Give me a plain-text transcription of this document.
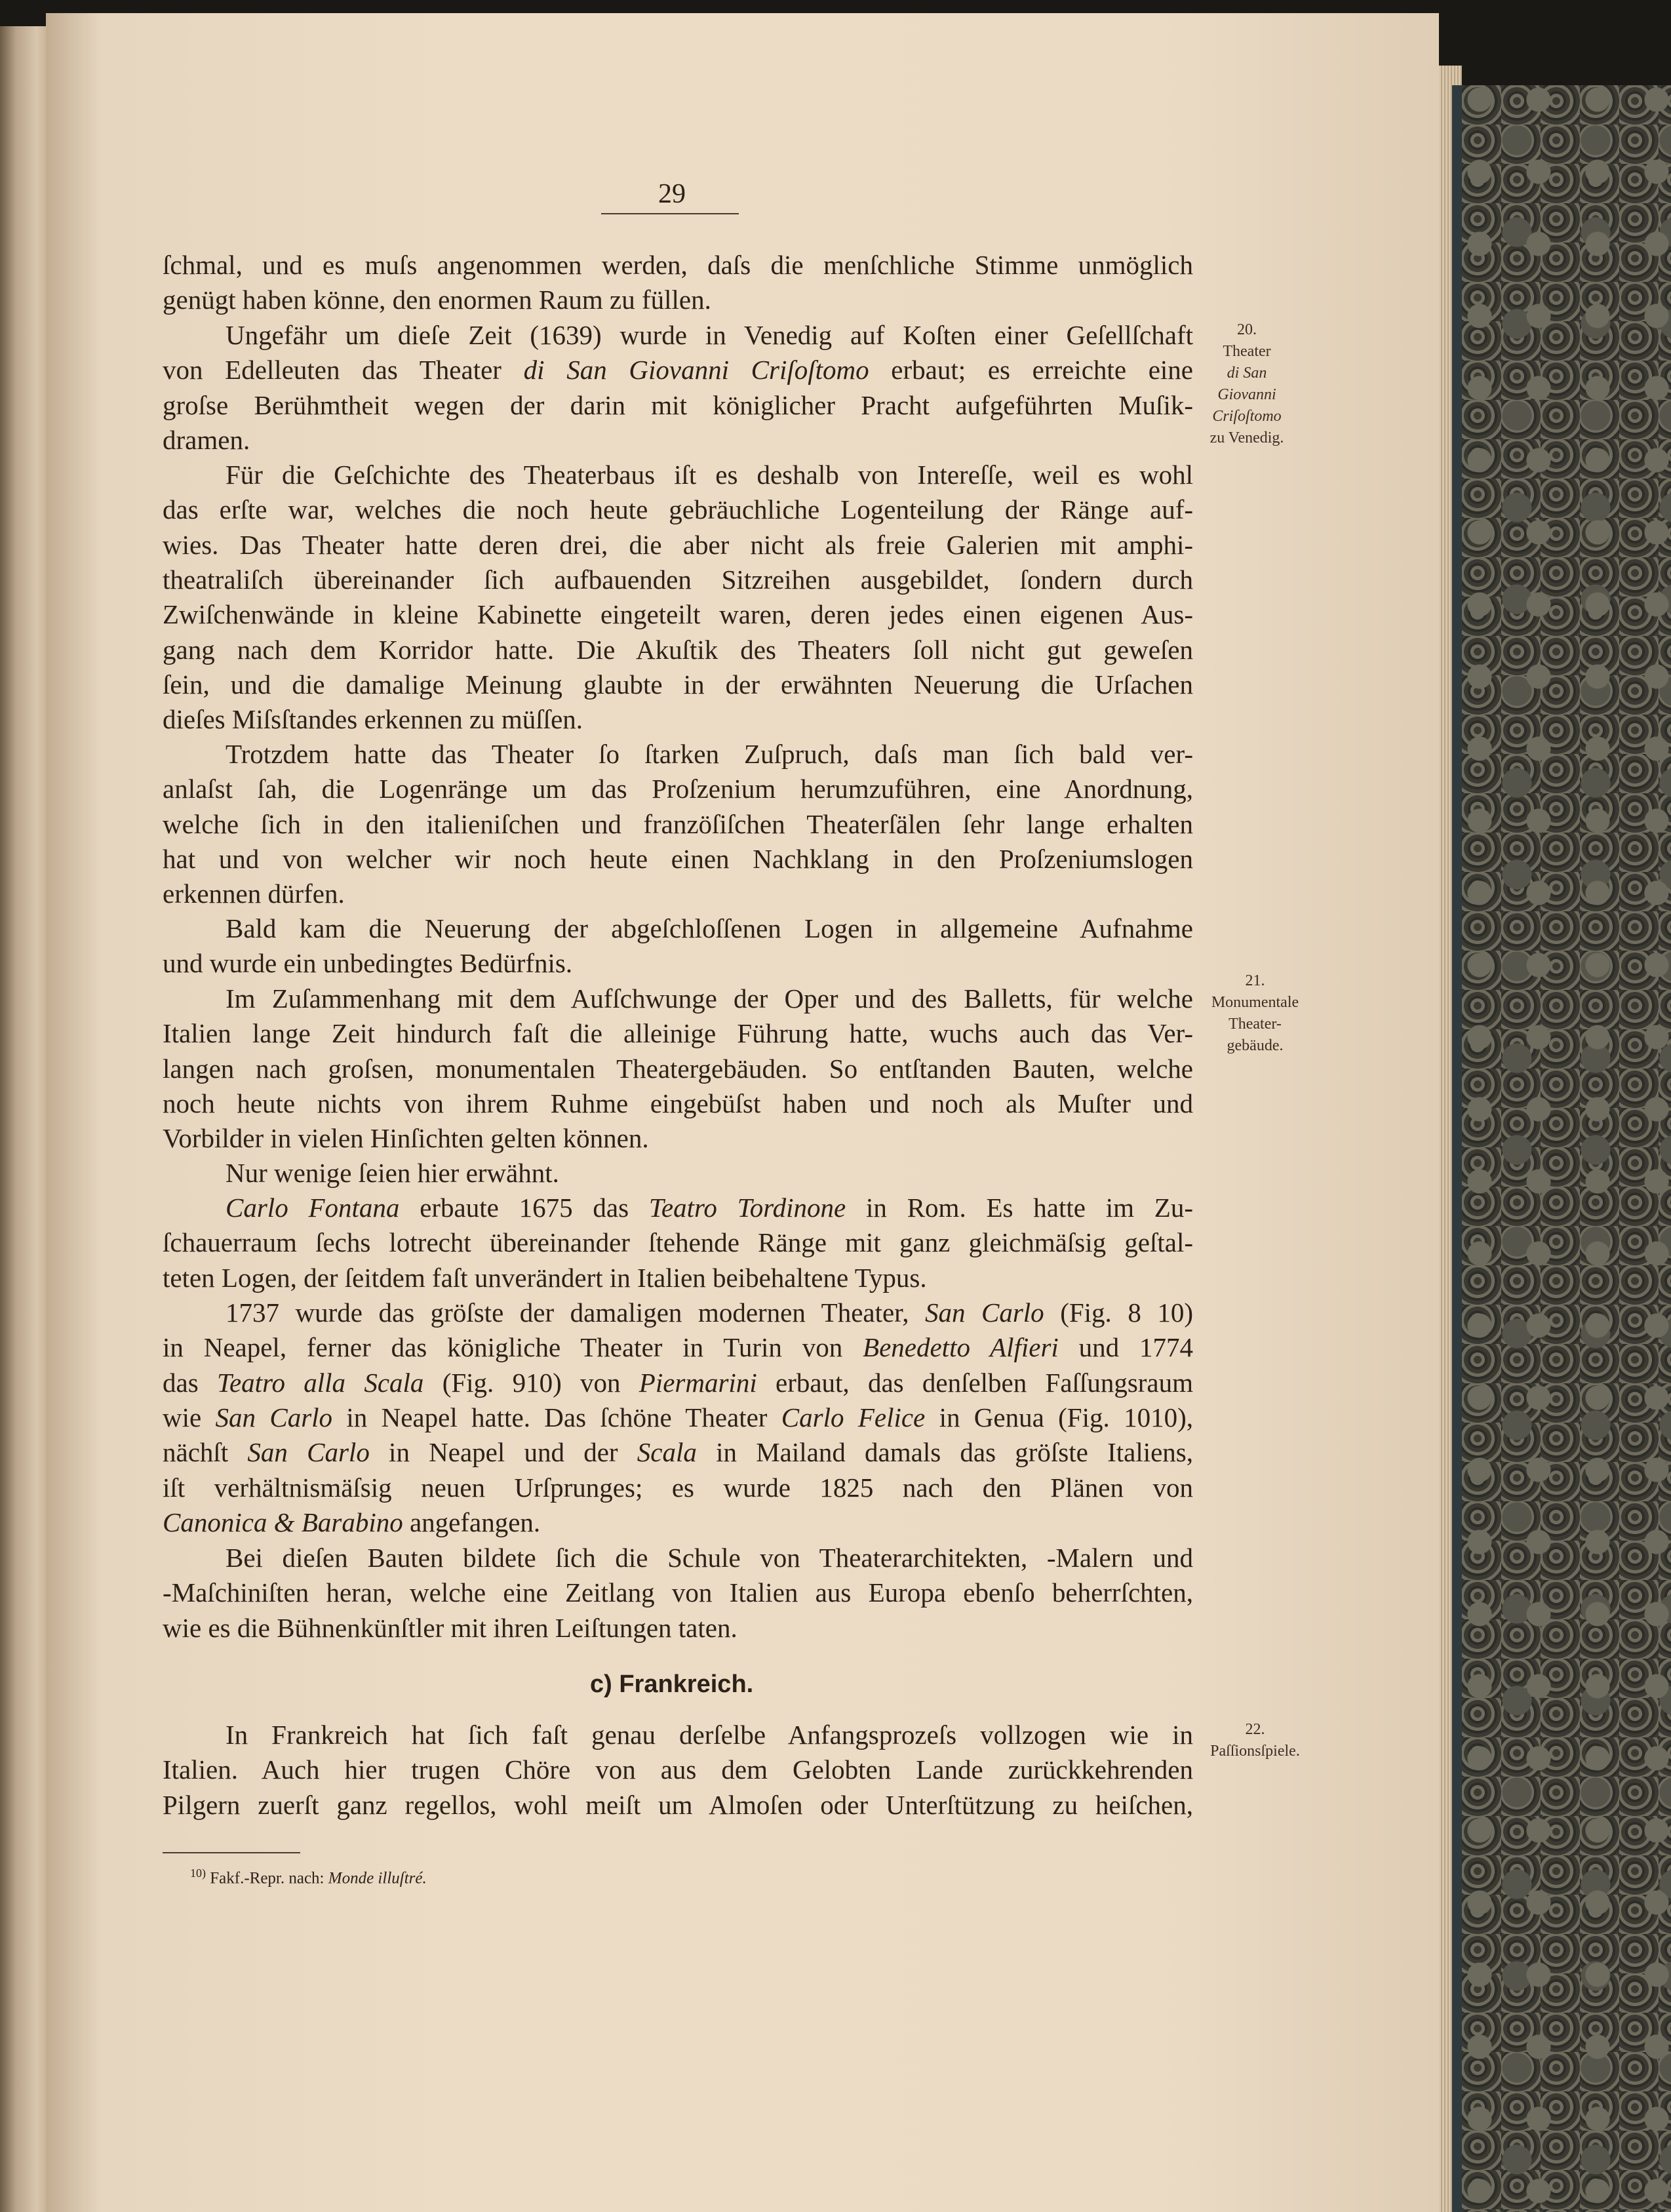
29
ſchmal, und es muſs angenommen werden, daſs die menſchliche Stimme unmöglich
genügt haben könne, den enormen Raum zu füllen.
Ungefähr um dieſe Zeit (1639) wurde in Venedig auf Koſten einer Geſellſchaft
von Edelleuten das Theater di San Giovanni Criſoſtomo erbaut; es erreichte eine
groſse Berühmtheit wegen der darin mit königlicher Pracht aufgeführten Muſik-
dramen.
Für die Geſchichte des Theaterbaus iſt es deshalb von Intereſſe, weil es wohl
das erſte war, welches die noch heute gebräuchliche Logenteilung der Ränge auf-
wies. Das Theater hatte deren drei, die aber nicht als freie Galerien mit amphi-
theatraliſch übereinander ſich aufbauenden Sitzreihen ausgebildet, ſondern durch
Zwiſchenwände in kleine Kabinette eingeteilt waren, deren jedes einen eigenen Aus-
gang nach dem Korridor hatte. Die Akuſtik des Theaters ſoll nicht gut geweſen
ſein, und die damalige Meinung glaubte in der erwähnten Neuerung die Urſachen
dieſes Miſsſtandes erkennen zu müſſen.
Trotzdem hatte das Theater ſo ſtarken Zuſpruch, daſs man ſich bald ver-
anlaſst ſah, die Logenränge um das Proſzenium herumzuführen, eine Anordnung,
welche ſich in den italieniſchen und franzöſiſchen Theaterſälen ſehr lange erhalten
hat und von welcher wir noch heute einen Nachklang in den Proſzeniumslogen
erkennen dürfen.
Bald kam die Neuerung der abgeſchloſſenen Logen in allgemeine Aufnahme
und wurde ein unbedingtes Bedürfnis.
Im Zuſammenhang mit dem Aufſchwunge der Oper und des Balletts, für welche
Italien lange Zeit hindurch faſt die alleinige Führung hatte, wuchs auch das Ver-
langen nach groſsen, monumentalen Theatergebäuden. So entſtanden Bauten, welche
noch heute nichts von ihrem Ruhme eingebüſst haben und noch als Muſter und
Vorbilder in vielen Hinſichten gelten können.
Nur wenige ſeien hier erwähnt.
Carlo Fontana erbaute 1675 das Teatro Tordinone in Rom. Es hatte im Zu-
ſchauerraum ſechs lotrecht übereinander ſtehende Ränge mit ganz gleichmäſsig geſtal-
teten Logen, der ſeitdem faſt unverändert in Italien beibehaltene Typus.
1737 wurde das gröſste der damaligen modernen Theater, San Carlo (Fig. 8 10)
in Neapel, ferner das königliche Theater in Turin von Benedetto Alfieri und 1774
das Teatro alla Scala (Fig. 910) von Piermarini erbaut, das denſelben Faſſungsraum
wie San Carlo in Neapel hatte. Das ſchöne Theater Carlo Felice in Genua (Fig. 1010),
nächſt San Carlo in Neapel und der Scala in Mailand damals das gröſste Italiens,
iſt verhältnismäſsig neuen Urſprunges; es wurde 1825 nach den Plänen von
Canonica & Barabino angefangen.
Bei dieſen Bauten bildete ſich die Schule von Theaterarchitekten, -Malern und
-Maſchiniſten heran, welche eine Zeitlang von Italien aus Europa ebenſo beherrſchten,
wie es die Bühnenkünſtler mit ihren Leiſtungen taten.
In Frankreich hat ſich faſt genau derſelbe Anfangsprozeſs vollzogen wie in
Italien. Auch hier trugen Chöre von aus dem Gelobten Lande zurückkehrenden
Pilgern zuerſt ganz regellos, wohl meiſt um Almoſen oder Unterſtützung zu heiſchen,
c) Frankreich.
20.
Theater
di San
Giovanni
Criſoſtomo
zu Venedig.
21.
Monumentale
Theater-
gebäude.
22.
Paſſionsſpiele.
$^{10)}$ Fakf.-Repr. nach: Monde illuſtré.
